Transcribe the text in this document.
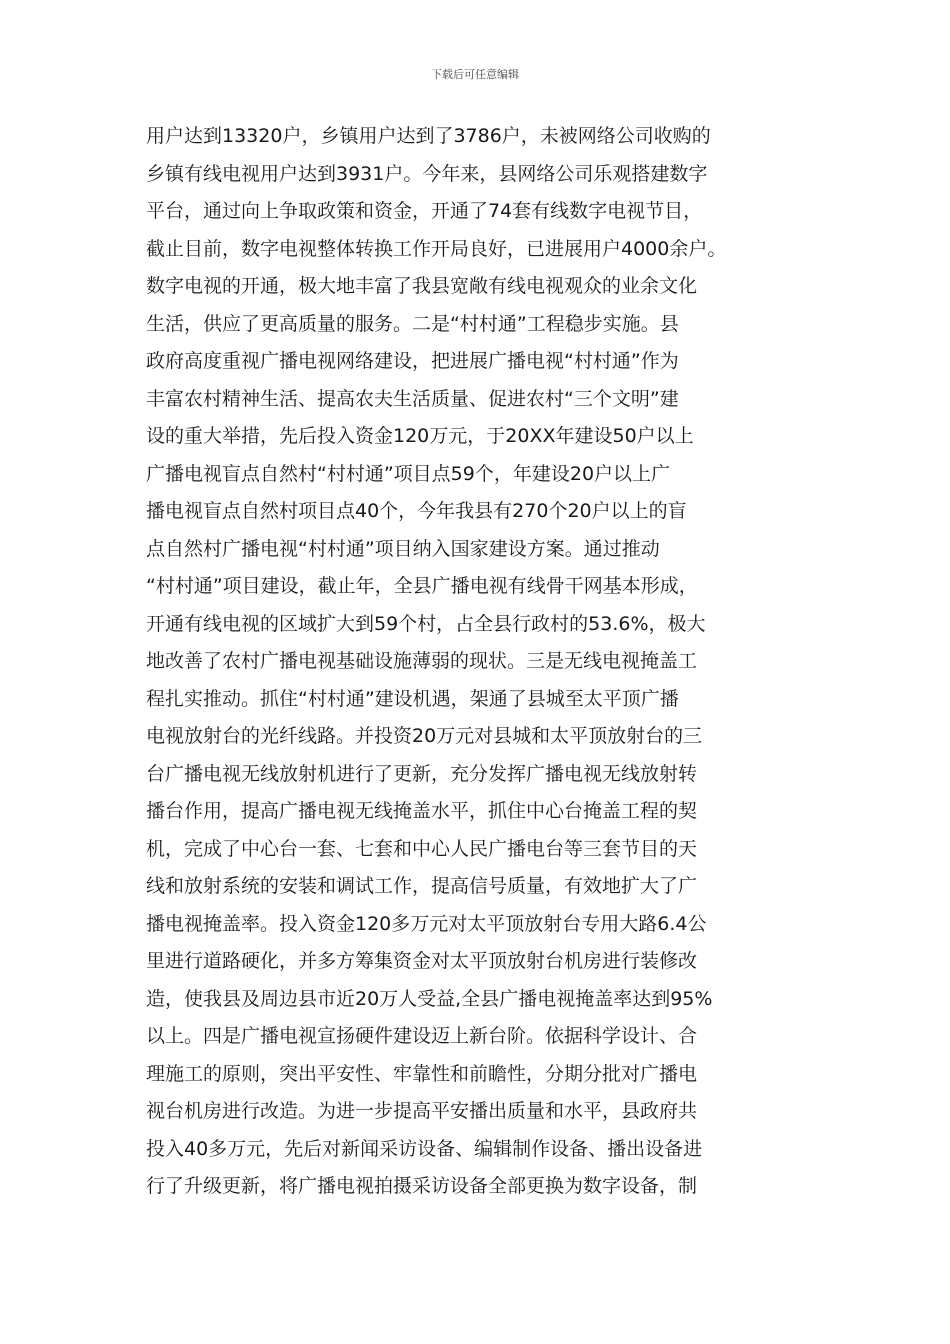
下载后可任意编辑
用户达到13320户，乡镇用户达到了3786户，未被网络公司收购的
乡镇有线电视用户达到3931户。今年来，县网络公司乐观搭建数字
平台，通过向上争取政策和资金，开通了74套有线数字电视节目，
截止目前，数字电视整体转换工作开局良好，已进展用户4000余户。
数字电视的开通，极大地丰富了我县宽敞有线电视观众的业余文化
生活，供应了更高质量的服务。二是“村村通”工程稳步实施。县
政府高度重视广播电视网络建设，把进展广播电视“村村通”作为
丰富农村精神生活、提高农夫生活质量、促进农村“三个文明”建
设的重大举措，先后投入资金120万元，于20XX年建设50户以上
广播电视盲点自然村“村村通”项目点59个，年建设20户以上广
播电视盲点自然村项目点40个，今年我县有270个20户以上的盲
点自然村广播电视“村村通”项目纳入国家建设方案。通过推动
“村村通”项目建设，截止年，全县广播电视有线骨干网基本形成，
开通有线电视的区域扩大到59个村，占全县行政村的53.6%，极大
地改善了农村广播电视基础设施薄弱的现状。三是无线电视掩盖工
程扎实推动。抓住“村村通”建设机遇，架通了县城至太平顶广播
电视放射台的光纤线路。并投资20万元对县城和太平顶放射台的三
台广播电视无线放射机进行了更新，充分发挥广播电视无线放射转
播台作用，提高广播电视无线掩盖水平，抓住中心台掩盖工程的契
机，完成了中心台一套、七套和中心人民广播电台等三套节目的天
线和放射系统的安装和调试工作，提高信号质量，有效地扩大了广
播电视掩盖率。投入资金120多万元对太平顶放射台专用大路6.4公
里进行道路硬化，并多方筹集资金对太平顶放射台机房进行装修改
造，使我县及周边县市近20万人受益,全县广播电视掩盖率达到95%
以上。四是广播电视宣扬硬件建设迈上新台阶。依据科学设计、合
理施工的原则，突出平安性、牢靠性和前瞻性，分期分批对广播电
视台机房进行改造。为进一步提高平安播出质量和水平，县政府共
投入40多万元，先后对新闻采访设备、编辑制作设备、播出设备进
行了升级更新，将广播电视拍摄采访设备全部更换为数字设备，制
